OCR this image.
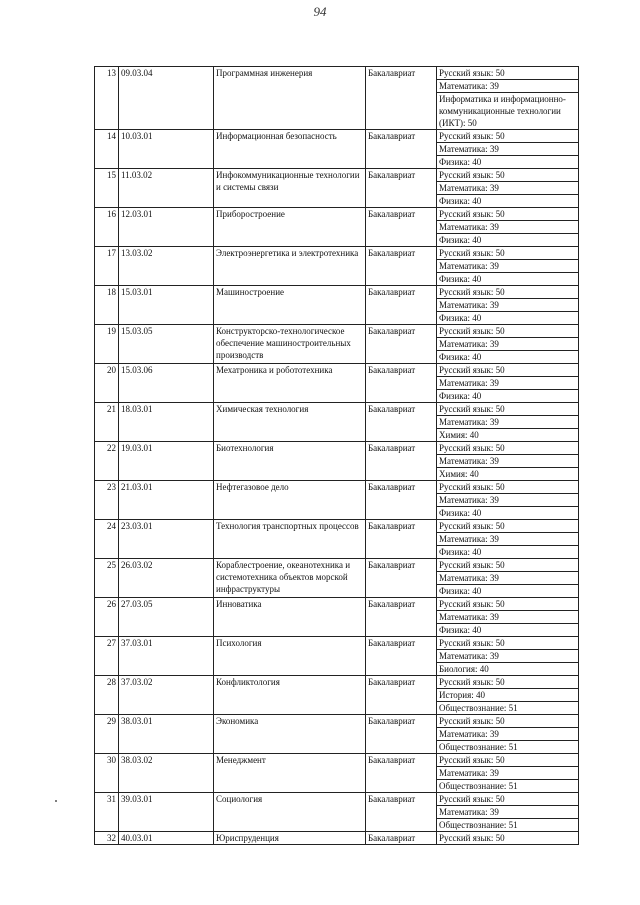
94
13	09.03.04	Программная инженерия	Бакалавриат	Русский язык: 50
				Математика: 39
				Информатика и информационно-коммуникационные технологии (ИКТ): 50
14	10.03.01	Информационная безопасность	Бакалавриат	Русский язык: 50
				Математика: 39
				Физика: 40
15	11.03.02	Инфокоммуникационные технологии и системы связи	Бакалавриат	Русский язык: 50
				Математика: 39
				Физика: 40
16	12.03.01	Приборостроение	Бакалавриат	Русский язык: 50
				Математика: 39
				Физика: 40
17	13.03.02	Электроэнергетика и электротехника	Бакалавриат	Русский язык: 50
				Математика: 39
				Физика: 40
18	15.03.01	Машиностроение	Бакалавриат	Русский язык: 50
				Математика: 39
				Физика: 40
19	15.03.05	Конструкторско-технологическое обеспечение машиностроительных производств	Бакалавриат	Русский язык: 50
				Математика: 39
				Физика: 40
20	15.03.06	Мехатроника и робототехника	Бакалавриат	Русский язык: 50
				Математика: 39
				Физика: 40
21	18.03.01	Химическая технология	Бакалавриат	Русский язык: 50
				Математика: 39
				Химия: 40
22	19.03.01	Биотехнология	Бакалавриат	Русский язык: 50
				Математика: 39
				Химия: 40
23	21.03.01	Нефтегазовое дело	Бакалавриат	Русский язык: 50
				Математика: 39
				Физика: 40
24	23.03.01	Технология транспортных процессов	Бакалавриат	Русский язык: 50
				Математика: 39
				Физика: 40
25	26.03.02	Кораблестроение, океанотехника и системотехника объектов морской инфраструктуры	Бакалавриат	Русский язык: 50
				Математика: 39
				Физика: 40
26	27.03.05	Инноватика	Бакалавриат	Русский язык: 50
				Математика: 39
				Физика: 40
27	37.03.01	Психология	Бакалавриат	Русский язык: 50
				Математика: 39
				Биология: 40
28	37.03.02	Конфликтология	Бакалавриат	Русский язык: 50
				История: 40
				Обществознание: 51
29	38.03.01	Экономика	Бакалавриат	Русский язык: 50
				Математика: 39
				Обществознание: 51
30	38.03.02	Менеджмент	Бакалавриат	Русский язык: 50
				Математика: 39
				Обществознание: 51
31	39.03.01	Социология	Бакалавриат	Русский язык: 50
				Математика: 39
				Обществознание: 51
32	40.03.01	Юриспруденция	Бакалавриат	Русский язык: 50
